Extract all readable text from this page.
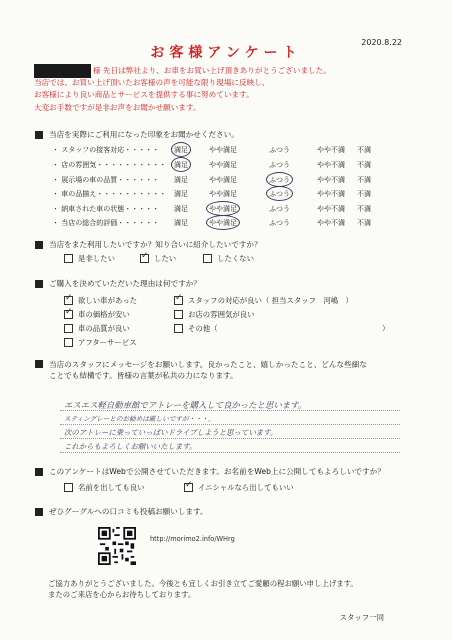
2020.8.22
お客様アンケート
様 先日は弊社より、お車をお買い上げ頂きありがとうございました。
当店では、お買い上げ頂いたお客様の声を可能な限り現場に反映し、
お客様により良い商品とサービスを提供する事に努めています。
大変お手数ですが是非お声をお聞かせ願います。
当店を実際にご利用になった印象をお聞かせください。
・ スタッフの接客対応・・・・・ 満足	やや満足	ふつう	やや不満 不満
・ 店の雰囲気・・・・・・・・・・ 満足	やや満足	ふつう	やや不満 不満
・ 展示場の車の品質・・・・・・ 満足	やや満足	ふつう	やや不満 不満
・ 車の品揃え・・・・・・・・・・ 満足	やや満足	ふつう	やや不満 不満
・ 納車された車の状態・・・・・ 満足	やや満足	ふつう	やや不満 不満
・ 当店の総合的評価・・・・・・ 満足	やや満足	ふつう	やや不満 不満
当店をまた利用したいですか？知り合いに紹介したいですか？
是非したい ✓	したい	したくない
ご購入を決めていただいた理由は何ですか？
✓
欲しい車があった
✓
車の価格が安い
車の品質が良い
アフターサービス
✓
スタッフの対応が良い（ 担当スタッフ　河嶋　）
お店の雰囲気が良い
その他（	）
当店のスタッフにメッセージをお願いします。良かったこと、嬉しかったこと、どんな些細な
ことでも結構です。皆様の言葉が私共の力になります。
エスエス軽自動車館でアトレーを購入して良かったと思います。
スティングレーとのお勧めは厳しいですが・・・。
次のアトレーに乗っていっぱいドライブしようと思っています。
これからもよろしくお願いいたします。
このアンケートはWebで公開させていただきます。お名前をWeb上に公開してもよろしいですか？
名前を出しても良い ✓	イニシャルなら出してもいい
ぜひグーグルへの口コミも投稿お願いします。
http://morimo2.info/WHrg
ご協力ありがとうございました。今後とも宜しくお引き立てご愛顧の程お願い申し上げます。
またのご来店を心からお待ちしております。
スタッフ一同
